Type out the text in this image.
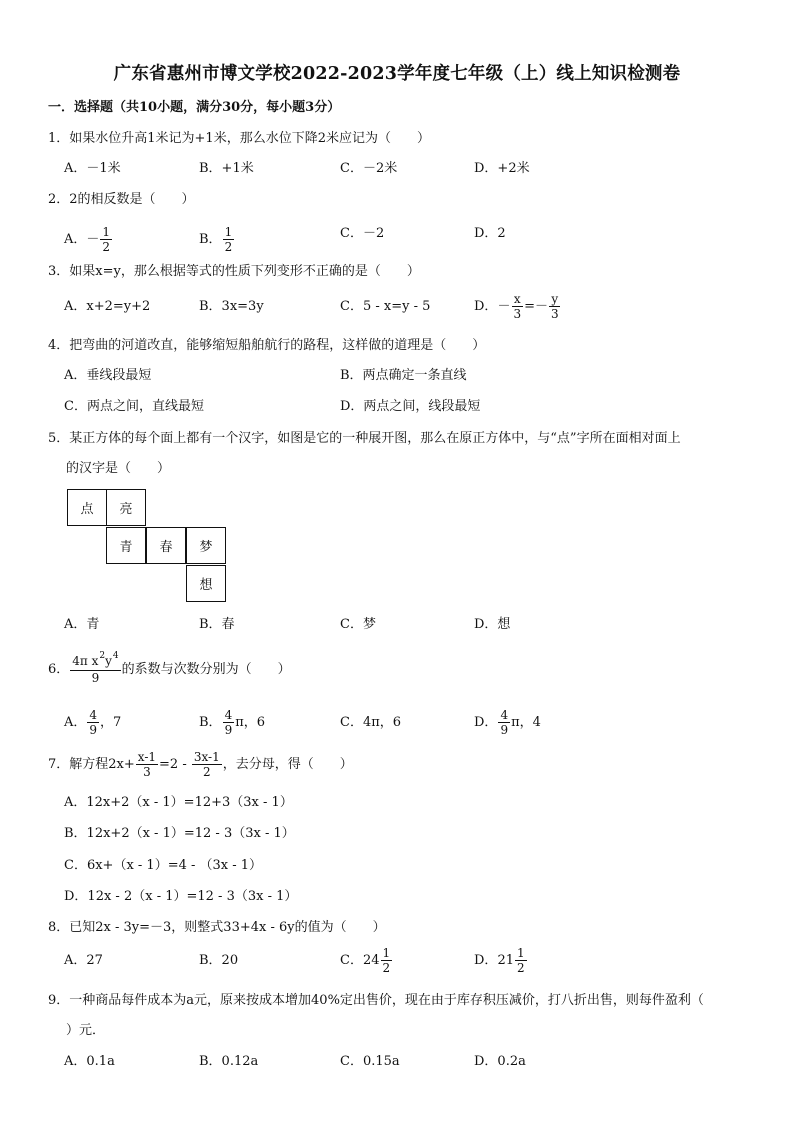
广东省惠州市博文学校2022-2023学年度七年级（上）线上知识检测卷
一．选择题（共10小题，满分30分，每小题3分）
1．如果水位升高1米记为+1米，那么水位下降2米应记为（　　）
A．－1米	B．+1米	C．－2米	D．+2米
2．2的相反数是（　　）
A．－ $\frac{1}{2}$	B． $\frac{1}{2}$	C．－2	D．2
3．如果x=y，那么根据等式的性质下列变形不正确的是（　　）
A．x+2=y+2	B．3x=3y	C．5 - x=y - 5	D．－ $\frac{x}{3} =- \frac{y}{3}$
4．把弯曲的河道改直，能够缩短船舶航行的路程，这样做的道理是（　　）
A．垂线段最短	B．两点确定一条直线
C．两点之间，直线最短	D．两点之间，线段最短
5．某正方体的每个面上都有一个汉字，如图是它的一种展开图，那么在原正方体中，与“点”字所在面相对面上
的汉字是（　　）
点	亮
青	春	梦
想
A．青	B．春	C．梦	D．想
6． $\frac{4\pi x^2y^4}{9}$ 的系数与次数分别为（　　）
A． $\frac{4}{9}$ ，7	B． $\frac{4}{9}$ π，6	C．4π，6	D． $\frac{4}{9}$ π，4
7．解方程$2x+ \frac{x-1}{3} =2 - \frac{3x-1}{2}$ ，去分母，得（　　）
A．12x+2（x - 1）=12+3（3x - 1）
B．12x+2（x - 1）=12 - 3（3x - 1）
C．6x+（x - 1）=4 - （3x - 1）
D．12x - 2（x - 1）=12 - 3（3x - 1）
8．已知2x - 3y=－3，则整式33+4x - 6y的值为（　　）
A．27	B．20	C．$24 \frac{1}{2}$	D．$21 \frac{1}{2}$
9．一种商品每件成本为a元，原来按成本增加40%定出售价，现在由于库存积压减价，打八折出售，则每件盈利（
）元．
A．0.1a	B．0.12a	C．0.15a	D．0.2a
